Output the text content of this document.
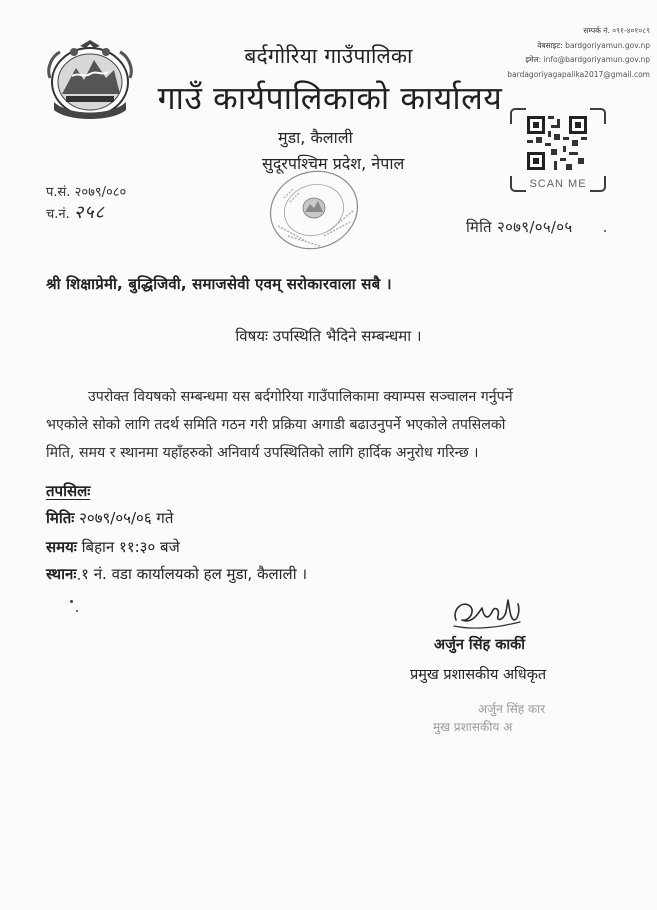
बर्दगोरिया गाउँपालिका
गाउँ कार्यपालिकाको कार्यालय
मुडा, कैलाली
सुदूरपश्चिम प्रदेश, नेपाल
सम्पर्क नं. ०९१-४०१०८९
वेबसाइट: bardgoriyamun.gov.np
इमेल: info@bardgoriyamun.gov.np
bardagoriyagapalika2017@gmail.com
SCAN ME
प.सं. २०७९/०८०
च.नं. २५८
मिति २०७९/०५/०५
श्री शिक्षाप्रेमी, बुद्धिजिवी, समाजसेवी एवम् सरोकारवाला सबै ।
विषयः उपस्थिति भैदिने सम्बन्धमा ।
उपरोक्त वियषको सम्बन्धमा यस बर्दगोरिया गाउँपालिकामा क्याम्पस सञ्चालन गर्नुपर्ने
भएकोले सोको लागि तदर्थ समिति गठन गरी प्रक्रिया अगाडी बढाउनुपर्ने भएकोले तपसिलको
मिति, समय र स्थानमा यहाँहरुको अनिवार्य उपस्थितिको लागि हार्दिक अनुरोध गरिन्छ ।
तपसिलः
मितिः २०७९/०५/०६ गते
समयः बिहान ११:३० बजे
स्थानः १ नं. वडा कार्यालयको हल मुडा, कैलाली ।
अर्जुन सिंह कार्की
प्रमुख प्रशासकीय अधिकृत
अर्जुन सिंह कार
मुख प्रशासकीय अ
